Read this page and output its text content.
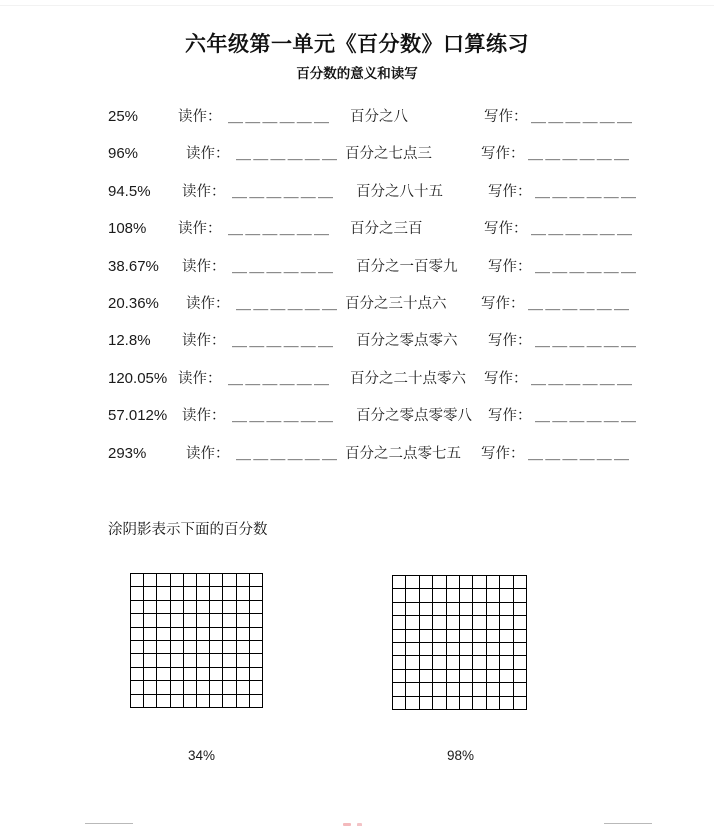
六年级第一单元《百分数》口算练习
百分数的意义和读写
25%	读作： ＿＿＿＿＿＿ 百分之八	写作： ＿＿＿＿＿＿
96%	读作： ＿＿＿＿＿＿ 百分之七点三	写作： ＿＿＿＿＿＿
94.5% 读作： ＿＿＿＿＿＿ 百分之八十五	写作： ＿＿＿＿＿＿
108% 读作： ＿＿＿＿＿＿ 百分之三百	写作： ＿＿＿＿＿＿
38.67% 读作： ＿＿＿＿＿＿ 百分之一百零九 写作： ＿＿＿＿＿＿
20.36% 读作： ＿＿＿＿＿＿ 百分之三十点六 写作： ＿＿＿＿＿＿
12.8% 读作： ＿＿＿＿＿＿ 百分之零点零六 写作： ＿＿＿＿＿＿
120.05% 读作： ＿＿＿＿＿＿ 百分之二十点零六 写作： ＿＿＿＿＿＿
57.012% 读作： ＿＿＿＿＿＿ 百分之零点零零八 写作： ＿＿＿＿＿＿
293%	读作： ＿＿＿＿＿＿ 百分之二点零七五 写作： ＿＿＿＿＿＿
涂阴影表示下面的百分数
34%	98%
